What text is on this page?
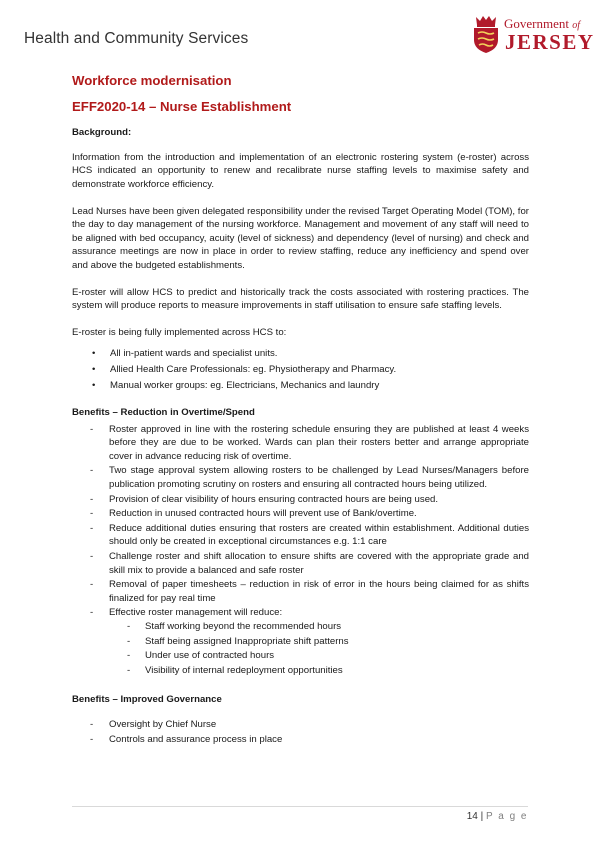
Health and Community Services
Government of
JERSEY
Workforce modernisation
EFF2020-14 – Nurse Establishment
Background:

Information from the introduction and implementation of an electronic rostering system (e-roster) across HCS indicated an opportunity to renew and recalibrate nurse staffing levels to maximise safety and demonstrate workforce efficiency.

Lead Nurses have been given delegated responsibility under the revised Target Operating Model (TOM), for the day to day management of the nursing workforce. Management and movement of any staff will need to be aligned with bed occupancy, acuity (level of sickness) and dependency (level of nursing) and check and assurance meetings are now in place in order to review staffing, reduce any inefficiency and spend over and above the budgeted establishments.

E-roster will allow HCS to predict and historically track the costs associated with rostering practices. The system will produce reports to measure improvements in staff utilisation to ensure safe staffing levels.

E-roster is being fully implemented across HCS to:

• All in-patient wards and specialist units.
• Allied Health Care Professionals: eg. Physiotherapy and Pharmacy.
• Manual worker groups: eg. Electricians, Mechanics and laundry
Benefits – Reduction in Overtime/Spend
- Roster approved in line with the rostering schedule ensuring they are published at least 4 weeks before they are due to be worked. Wards can plan their rosters better and arrange appropriate cover in advance reducing risk of overtime.
- Two stage approval system allowing rosters to be challenged by Lead Nurses/Managers before publication promoting scrutiny on rosters and ensuring all contracted hours being utilized.
- Provision of clear visibility of hours ensuring contracted hours are being used.
- Reduction in unused contracted hours will prevent use of Bank/overtime.
- Reduce additional duties ensuring that rosters are created within establishment. Additional duties should only be created in exceptional circumstances e.g. 1:1 care
- Challenge roster and shift allocation to ensure shifts are covered with the appropriate grade and skill mix to provide a balanced and safe roster
- Removal of paper timesheets – reduction in risk of error in the hours being claimed for as shifts finalized for pay real time
- Effective roster management will reduce:
- Staff working beyond the recommended hours
- Staff being assigned Inappropriate shift patterns
- Under use of contracted hours
- Visibility of internal redeployment opportunities
Benefits – Improved Governance
- Oversight by Chief Nurse
- Controls and assurance process in place
14 | P a g e
